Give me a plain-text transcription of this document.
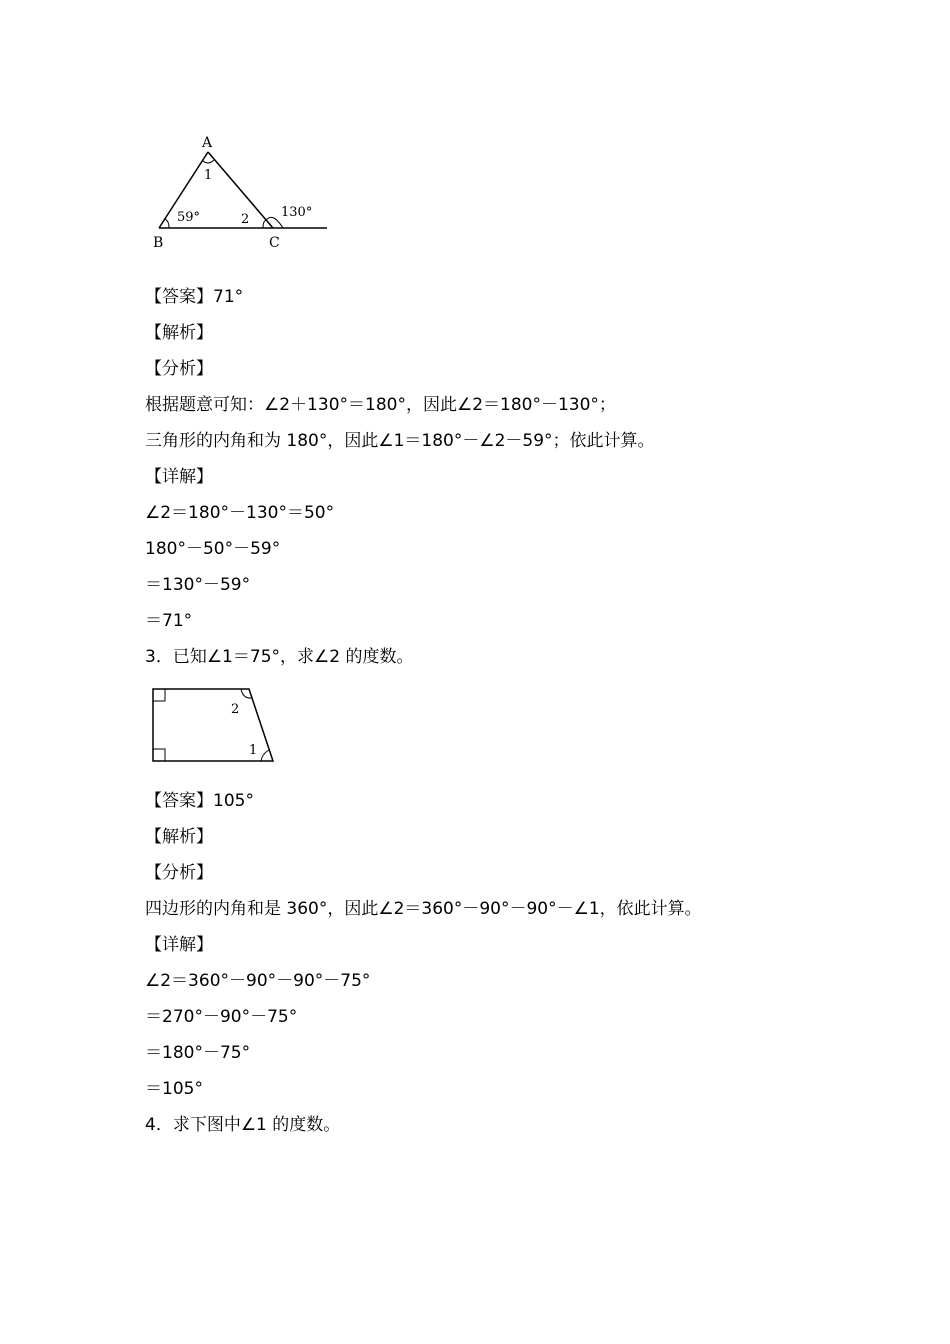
A
B	C
1
2
59°	130°
【答案】71°
【解析】
【分析】
根据题意可知：∠2＋130°＝180°，因此∠2＝180°－130°；
三角形的内角和为 180°，因此∠1＝180°－∠2－59°；依此计算。
【详解】
∠2＝180°－130°＝50°
180°－50°－59°
＝130°－59°
＝71°
3．已知∠1＝75°，求∠2 的度数。
2
1
【答案】105°
【解析】
【分析】
四边形的内角和是 360°，因此∠2＝360°－90°－90°－∠1，依此计算。
【详解】
∠2＝360°－90°－90°－75°
＝270°－90°－75°
＝180°－75°
＝105°
4．求下图中∠1 的度数。
